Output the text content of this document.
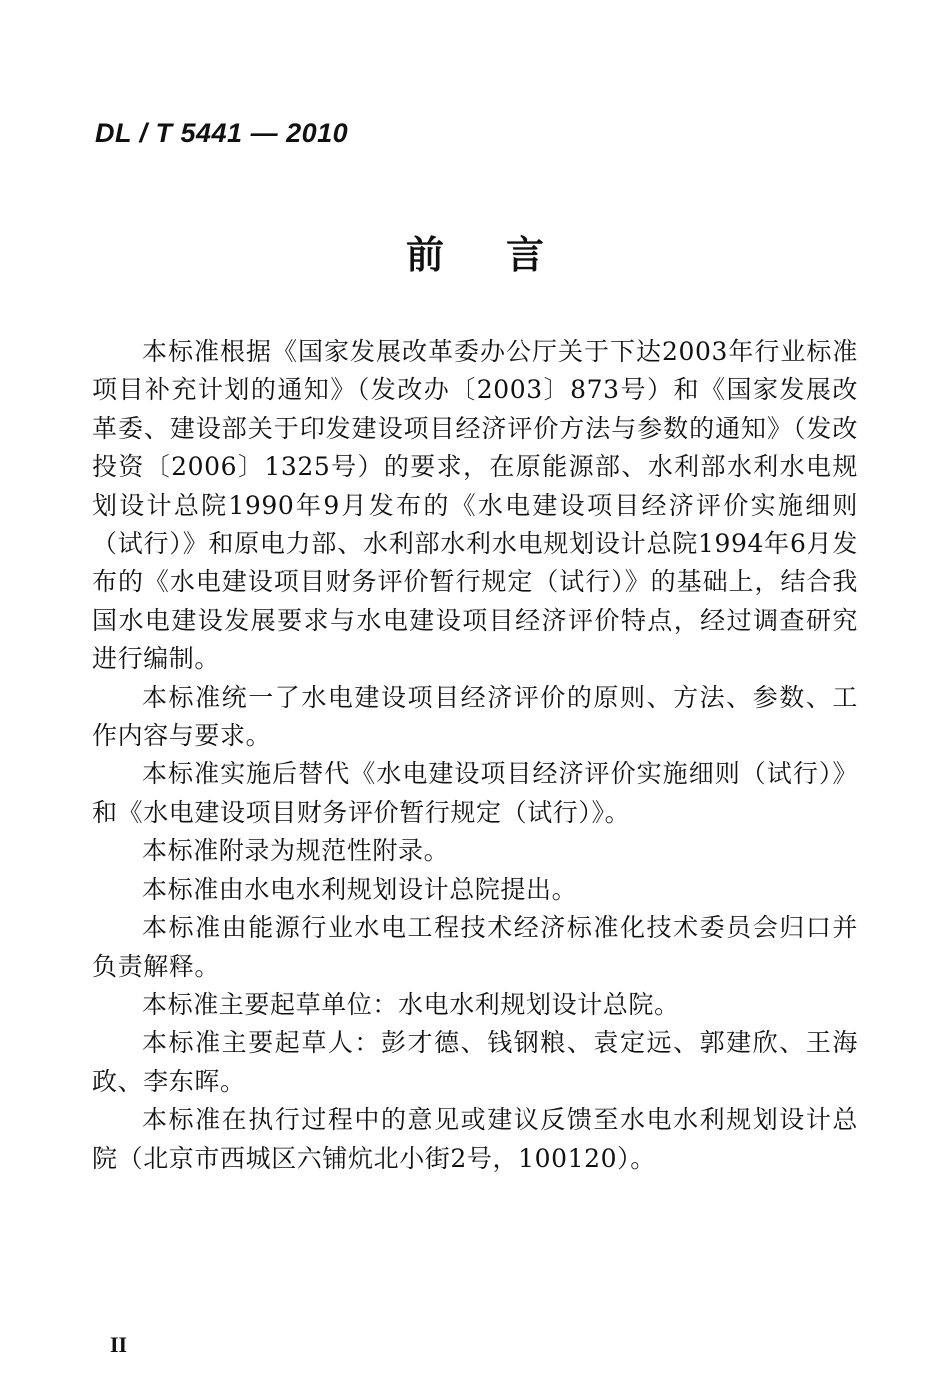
DL / T 5441 — 2010
前 言

本标准根据《国家发展改革委办公厅关于下达2003年行业标准项目补充计划的通知》（发改办〔2003〕873号）和《国家发展改革委、建设部关于印发建设项目经济评价方法与参数的通知》（发改投资〔2006〕1325号）的要求，在原能源部、水利部水利水电规划设计总院1990年9月发布的《水电建设项目经济评价实施细则（试行）》和原电力部、水利部水利水电规划设计总院1994年6月发布的《水电建设项目财务评价暂行规定（试行）》的基础上，结合我国水电建设发展要求与水电建设项目经济评价特点，经过调查研究进行编制。

本标准统一了水电建设项目经济评价的原则、方法、参数、工作内容与要求。

本标准实施后替代《水电建设项目经济评价实施细则（试行）》和《水电建设项目财务评价暂行规定（试行）》。

本标准附录为规范性附录。

本标准由水电水利规划设计总院提出。

本标准由能源行业水电工程技术经济标准化技术委员会归口并负责解释。

本标准主要起草单位：水电水利规划设计总院。

本标准主要起草人：彭才德、钱钢粮、袁定远、郭建欣、王海政、李东晖。

本标准在执行过程中的意见或建议反馈至水电水利规划设计总院（北京市西城区六铺炕北小街2号，100120）。

II
